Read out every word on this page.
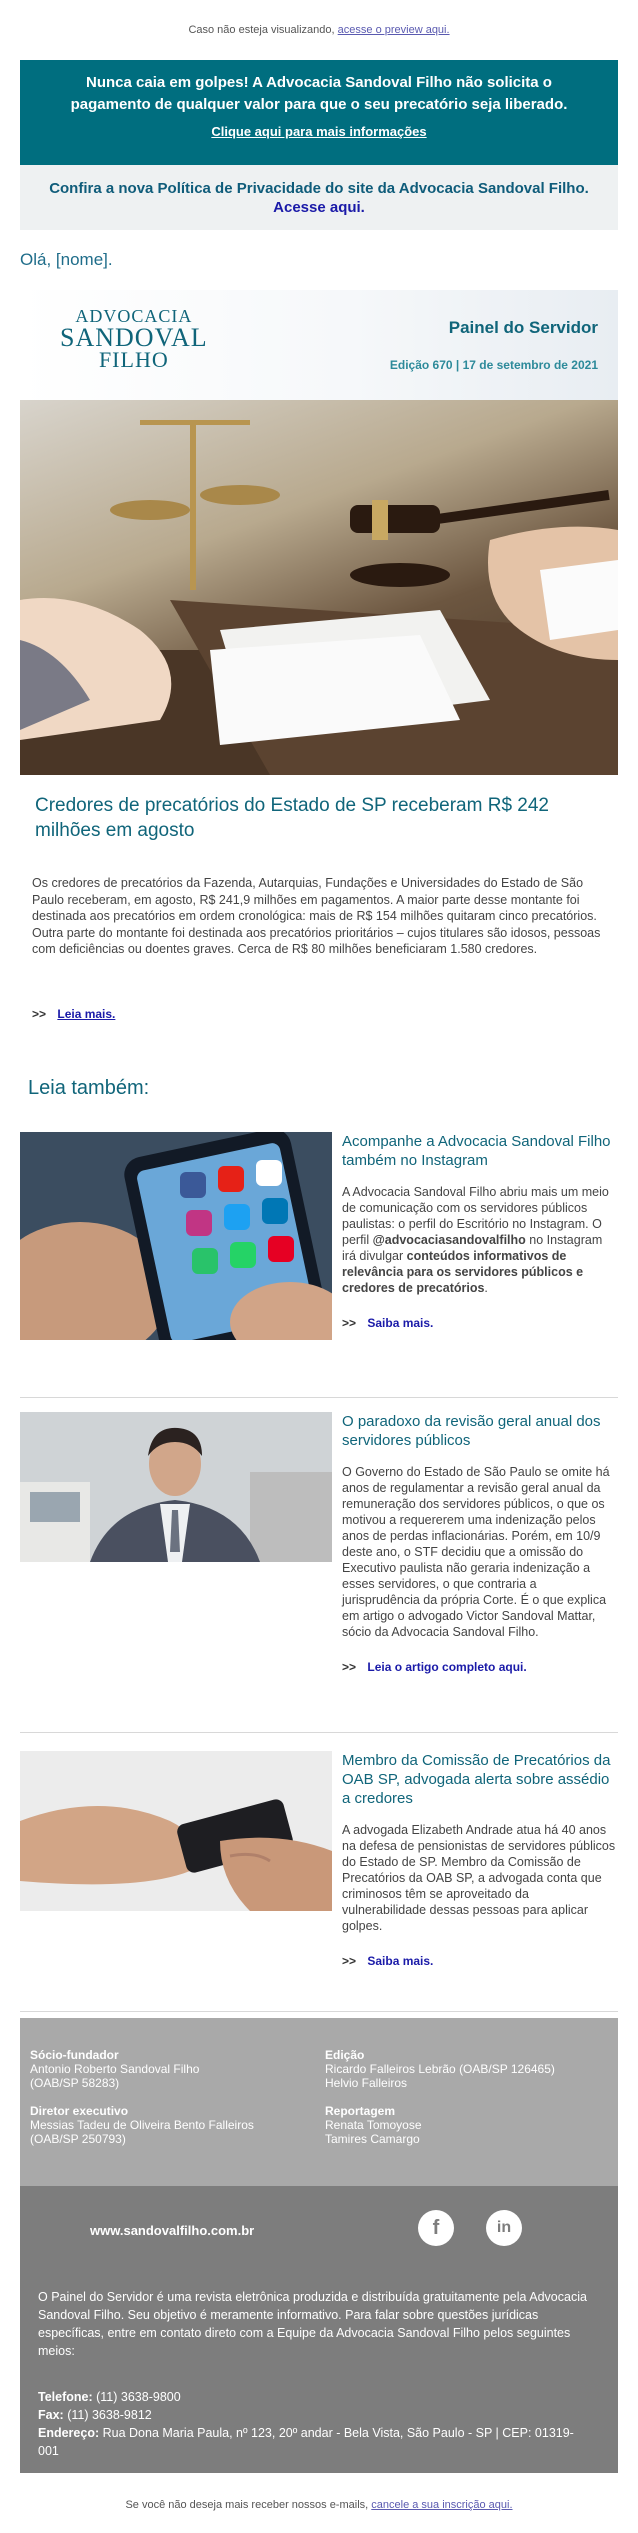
Caso não esteja visualizando, acesse o preview aqui.
Nunca caia em golpes! A Advocacia Sandoval Filho não solicita o pagamento de qualquer valor para que o seu precatório seja liberado.
Clique aqui para mais informações
Confira a nova Política de Privacidade do site da Advocacia Sandoval Filho.
Acesse aqui.
Olá, [nome].
ADVOCACIA
SANDOVAL
FILHO
Painel do Servidor
Edição 670 | 17 de setembro de 2021
Credores de precatórios do Estado de SP receberam R$ 242 milhões em agosto

Os credores de precatórios da Fazenda, Autarquias, Fundações e Universidades do Estado de São Paulo receberam, em agosto, R$ 241,9 milhões em pagamentos. A maior parte desse montante foi destinada aos precatórios em ordem cronológica: mais de R$ 154 milhões quitaram cinco precatórios. Outra parte do montante foi destinada aos precatórios prioritários – cujos titulares são idosos, pessoas com deficiências ou doentes graves. Cerca de R$ 80 milhões beneficiaram 1.580 credores.

>> Leia mais.
Leia também:
Acompanhe a Advocacia Sandoval Filho também no Instagram
A Advocacia Sandoval Filho abriu mais um meio de comunicação com os servidores públicos paulistas: o perfil do Escritório no Instagram. O perfil @advocaciasandovalfilho no Instagram irá divulgar conteúdos informativos de relevância para os servidores públicos e credores de precatórios.
>> Saiba mais.
O paradoxo da revisão geral anual dos servidores públicos
O Governo do Estado de São Paulo se omite há anos de regulamentar a revisão geral anual da remuneração dos servidores públicos, o que os motivou a requererem uma indenização pelos anos de perdas inflacionárias. Porém, em 10/9 deste ano, o STF decidiu que a omissão do Executivo paulista não geraria indenização a esses servidores, o que contraria a jurisprudência da própria Corte. É o que explica em artigo o advogado Victor Sandoval Mattar, sócio da Advocacia Sandoval Filho.
>> Leia o artigo completo aqui.
Membro da Comissão de Precatórios da OAB SP, advogada alerta sobre assédio a credores
A advogada Elizabeth Andrade atua há 40 anos na defesa de pensionistas de servidores públicos do Estado de SP. Membro da Comissão de Precatórios da OAB SP, a advogada conta que criminosos têm se aproveitado da vulnerabilidade dessas pessoas para aplicar golpes.
>> Saiba mais.
Sócio-fundador
Antonio Roberto Sandoval Filho
(OAB/SP 58283)
Diretor executivo
Messias Tadeu de Oliveira Bento Falleiros
(OAB/SP 250793)
Edição
Ricardo Falleiros Lebrão (OAB/SP 126465)
Helvio Falleiros
Reportagem
Renata Tomoyose
Tamires Camargo
www.sandovalfilho.com.br	f	in
O Painel do Servidor é uma revista eletrônica produzida e distribuída gratuitamente pela Advocacia Sandoval Filho. Seu objetivo é meramente informativo. Para falar sobre questões jurídicas específicas, entre em contato direto com a Equipe da Advocacia Sandoval Filho pelos seguintes meios:
Telefone: (11) 3638-9800
Fax: (11) 3638-9812
Endereço: Rua Dona Maria Paula, nº 123, 20º andar - Bela Vista, São Paulo - SP | CEP: 01319-001
Se você não deseja mais receber nossos e-mails, cancele a sua inscrição aqui.
